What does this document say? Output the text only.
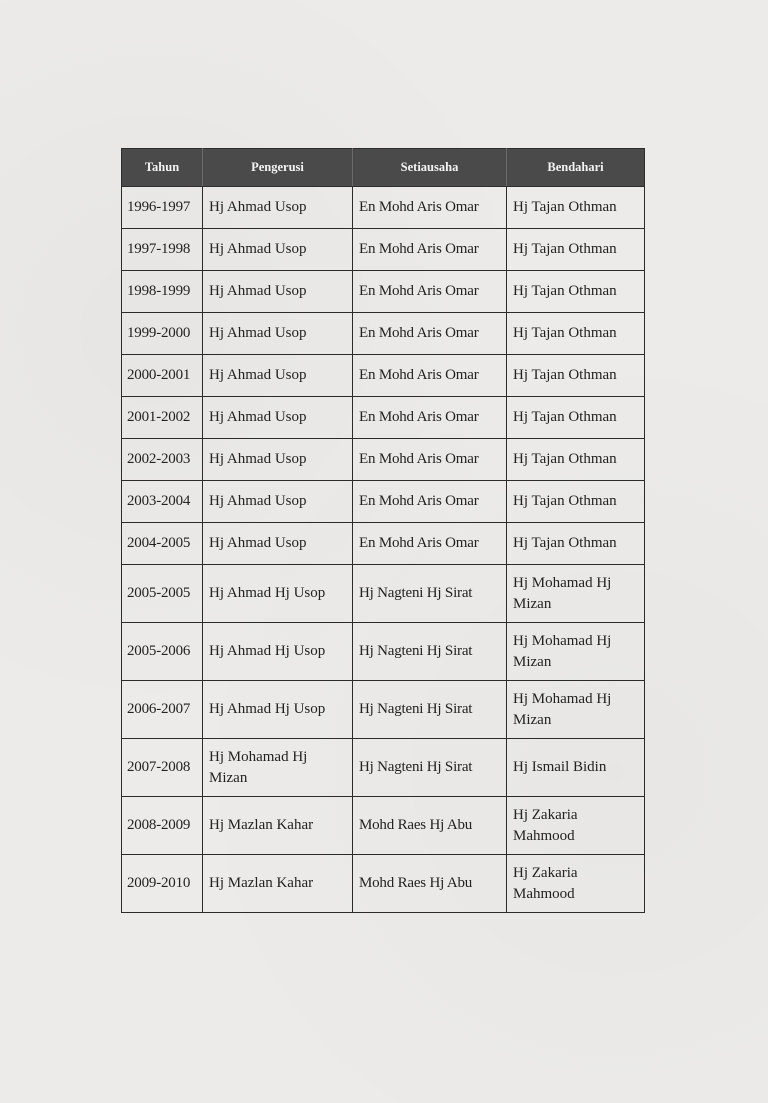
Tahun	Pengerusi	Setiausaha	Bendahari
1996-1997	Hj Ahmad Usop	En Mohd Aris Omar	Hj Tajan Othman
1997-1998	Hj Ahmad Usop	En Mohd Aris Omar	Hj Tajan Othman
1998-1999	Hj Ahmad Usop	En Mohd Aris Omar	Hj Tajan Othman
1999-2000	Hj Ahmad Usop	En Mohd Aris Omar	Hj Tajan Othman
2000-2001	Hj Ahmad Usop	En Mohd Aris Omar	Hj Tajan Othman
2001-2002	Hj Ahmad Usop	En Mohd Aris Omar	Hj Tajan Othman
2002-2003	Hj Ahmad Usop	En Mohd Aris Omar	Hj Tajan Othman
2003-2004	Hj Ahmad Usop	En Mohd Aris Omar	Hj Tajan Othman
2004-2005	Hj Ahmad Usop	En Mohd Aris Omar	Hj Tajan Othman
2005-2005	Hj Ahmad Hj Usop	Hj Nagteni Hj Sirat	Hj Mohamad Hj Mizan
2005-2006	Hj Ahmad Hj Usop	Hj Nagteni Hj Sirat	Hj Mohamad Hj Mizan
2006-2007	Hj Ahmad Hj Usop	Hj Nagteni Hj Sirat	Hj Mohamad Hj Mizan
2007-2008	Hj Mohamad Hj Mizan	Hj Nagteni Hj Sirat	Hj Ismail Bidin
2008-2009	Hj Mazlan Kahar	Mohd Raes Hj Abu	Hj Zakaria Mahmood
2009-2010	Hj Mazlan Kahar	Mohd Raes Hj Abu	Hj Zakaria Mahmood
